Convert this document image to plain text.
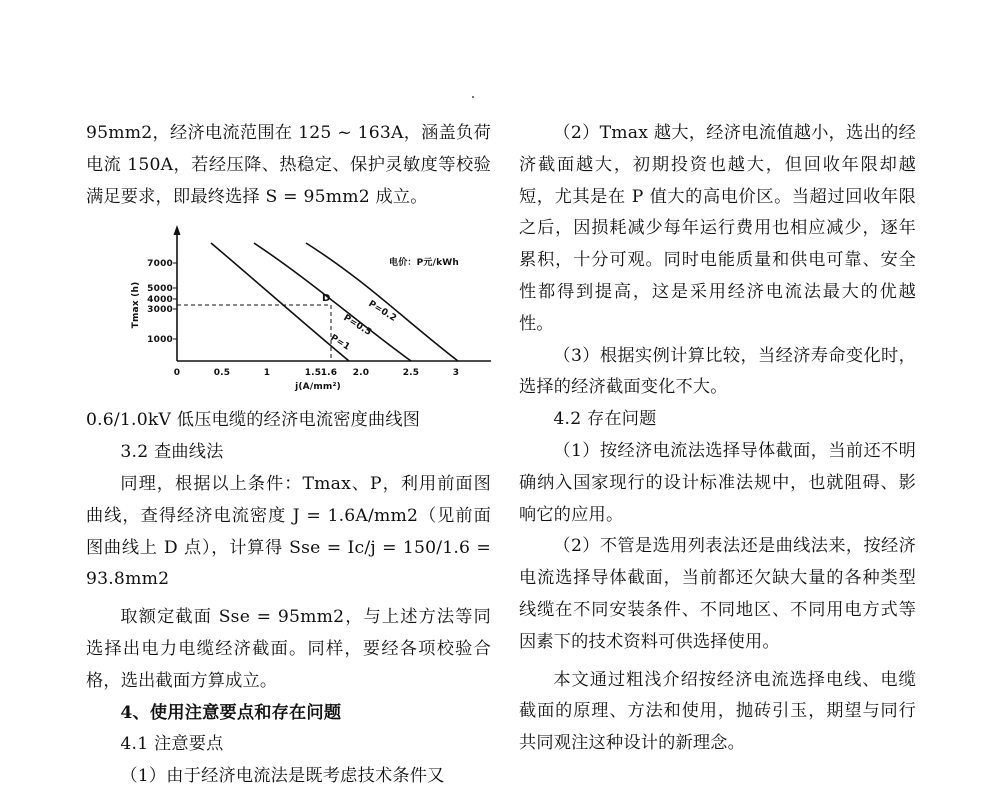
95mm2，经济电流范围在 125 ~ 163A，涵盖负荷电流 150A，若经压降、热稳定、保护灵敏度等校验满足要求，即最终选择 S = 95mm2 成立。

7000
5000
4000
3000
1000
Tmax (h)
0	0.5	1	1.5 1.6 2.0	2.5	3
j(A/mm²)
D
P=0.2
P=0.5
P=1
电价：P元/kWh

0.6/1.0kV 低压电缆的经济电流密度曲线图

3.2 查曲线法

同理，根据以上条件：Tmax、P，利用前面图曲线，查得经济电流密度 J = 1.6A/mm2（见前面图曲线上 D 点），计算得 Sse = Ic/j = 150/1.6 = 93.8mm2

取额定截面 Sse = 95mm2，与上述方法等同选择出电力电缆经济截面。同样，要经各项校验合格，选出截面方算成立。

4、使用注意要点和存在问题

4.1 注意要点

（1）由于经济电流法是既考虑技术条件又

（2）Tmax 越大，经济电流值越小，选出的经济截面越大，初期投资也越大，但回收年限却越短，尤其是在 P 值大的高电价区。当超过回收年限之后，因损耗减少每年运行费用也相应减少，逐年累积，十分可观。同时电能质量和供电可靠、安全性都得到提高，这是采用经济电流法最大的优越性。

（3）根据实例计算比较，当经济寿命变化时，选择的经济截面变化不大。

4.2 存在问题

（1）按经济电流法选择导体截面，当前还不明确纳入国家现行的设计标准法规中，也就阻碍、影响它的应用。

（2）不管是选用列表法还是曲线法来，按经济电流选择导体截面，当前都还欠缺大量的各种类型线缆在不同安装条件、不同地区、不同用电方式等因素下的技术资料可供选择使用。

本文通过粗浅介绍按经济电流选择电线、电缆截面的原理、方法和使用，抛砖引玉，期望与同行共同观注这种设计的新理念。
